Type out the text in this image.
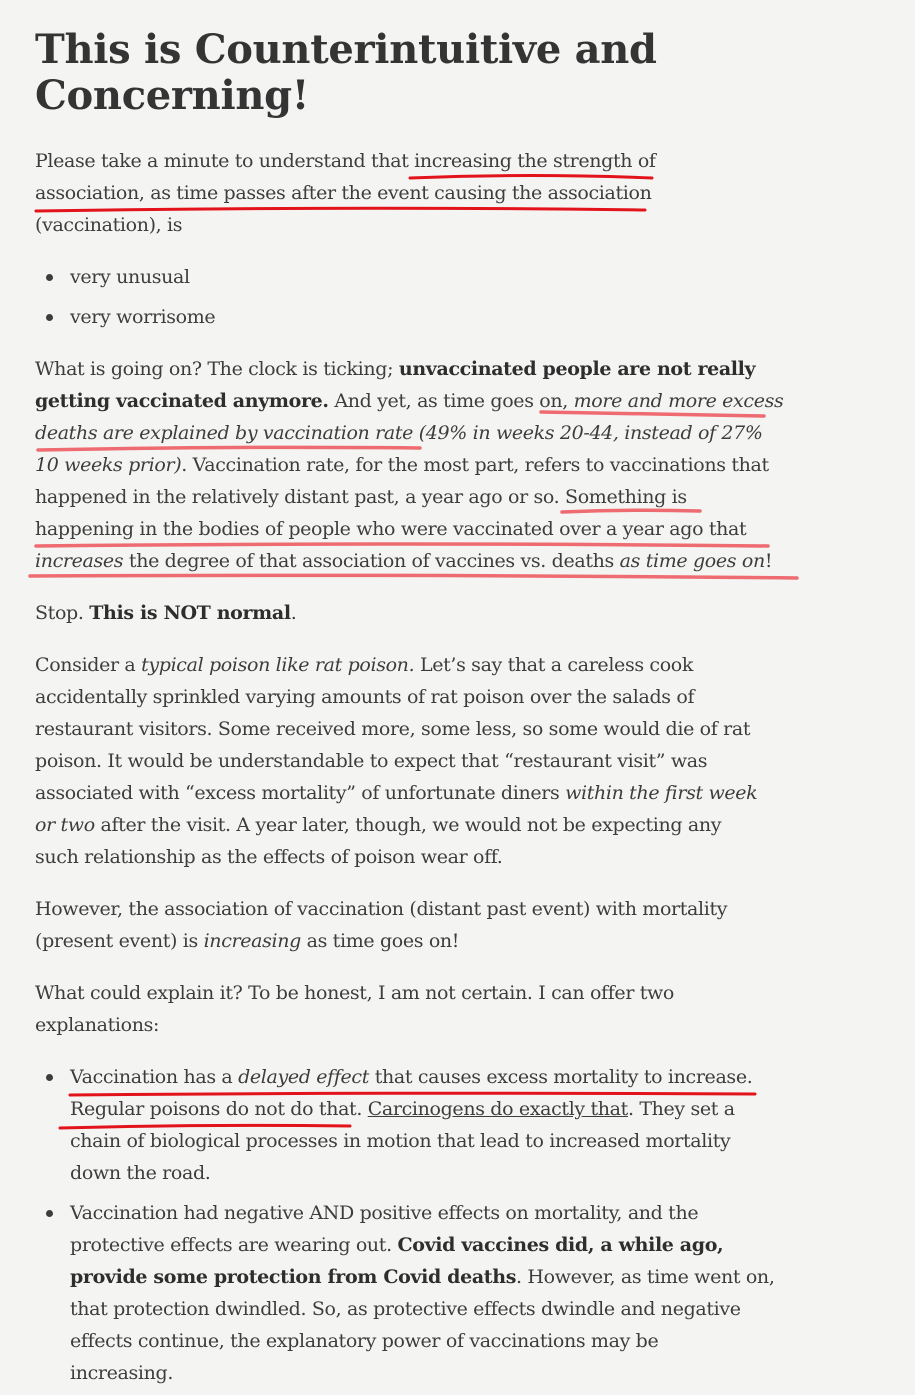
This is Counterintuitive and
Concerning!
Please take a minute to understand that increasing the strength of
association, as time passes after the event causing the association
(vaccination), is
very unusual
very worrisome
What is going on? The clock is ticking; unvaccinated people are not really
getting vaccinated anymore. And yet, as time goes on, more and more excess
deaths are explained by vaccination rate (49% in weeks 20-44, instead of 27%
10 weeks prior). Vaccination rate, for the most part, refers to vaccinations that
happened in the relatively distant past, a year ago or so. Something is
happening in the bodies of people who were vaccinated over a year ago that
increases the degree of that association of vaccines vs. deaths as time goes on!
Stop. This is NOT normal.
Consider a typical poison like rat poison. Let’s say that a careless cook
accidentally sprinkled varying amounts of rat poison over the salads of
restaurant visitors. Some received more, some less, so some would die of rat
poison. It would be understandable to expect that “restaurant visit” was
associated with “excess mortality” of unfortunate diners within the first week
or two after the visit. A year later, though, we would not be expecting any
such relationship as the effects of poison wear off.
However, the association of vaccination (distant past event) with mortality
(present event) is increasing as time goes on!
What could explain it? To be honest, I am not certain. I can offer two
explanations:
Vaccination has a delayed effect that causes excess mortality to increase.
Regular poisons do not do that. Carcinogens do exactly that. They set a
chain of biological processes in motion that lead to increased mortality
down the road.
Vaccination had negative AND positive effects on mortality, and the
protective effects are wearing out. Covid vaccines did, a while ago,
provide some protection from Covid deaths. However, as time went on,
that protection dwindled. So, as protective effects dwindle and negative
effects continue, the explanatory power of vaccinations may be
increasing.
